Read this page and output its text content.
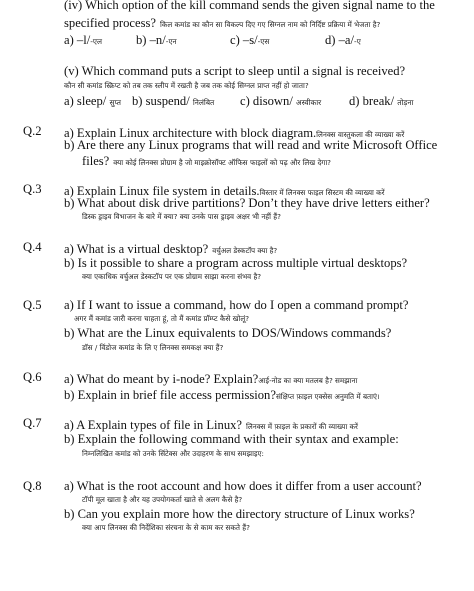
(iv) Which option of the kill command sends the given signal name to the
specified process? किल कमांड का कौन सा विकल्प दिए गए सिग्नल नाम को निर्दिष्ट प्रक्रिया में भेजता है?
a) –l/-एल	b) –n/-एन	c) –s/-एस	d) –a/-ए
(v) Which command puts a script to sleep until a signal is received?
कौन सी कमांड स्क्रिप्ट को तब तक स्लीप में रखती है जब तक कोई सिग्नल प्राप्त नहीं हो जाता?
a) sleep/ सुप्त b) suspend/ निलंबित c) disown/ अस्वीकार d) break/ तोड़ना
Q.2 a) Explain Linux architecture with block diagram.लिनक्स वास्तुकला की व्याख्या करें
b) Are there any Linux programs that will read and write Microsoft Office
files? क्या कोई लिनक्स प्रोग्राम है जो माइक्रोसॉफ्ट ऑफिस फाइलों को पढ़ और लिख देगा?
Q.3 a) Explain Linux file system in details.विस्तार में लिनक्स फाइल सिस्टम की व्याख्या करें
b) What about disk drive partitions? Don’t they have drive letters either?
डिस्क ड्राइव विभाजन के बारे में क्या? क्या उनके पास ड्राइव अक्षर भी नहीं हैं?
Q.4 a) What is a virtual desktop? वर्चुअल डेस्कटॉप क्या है?
b) Is it possible to share a program across multiple virtual desktops?
क्या एकाधिक वर्चुअल डेस्कटॉप पर एक प्रोग्राम साझा करना संभव है?
Q.5 a) If I want to issue a command, how do I open a command prompt?
अगर मैं कमांड जारी करना चाहता हूं, तो मैं कमांड प्रॉम्प्ट कैसे खोलूं?
b) What are the Linux equivalents to DOS/Windows commands?
डॉस / विंडोज कमांड के लि ए लिनक्स समकक्ष क्या हैं?
Q.6 a) What do meant by i-node? Explain?आई-नोड का क्या मतलब है? समझाना
b) Explain in brief file access permission?संक्षिप्त फ़ाइल एक्सेस अनुमति में बताएं।
Q.7 a) A Explain types of file in Linux? लिनक्स में फ़ाइल के प्रकारों की व्याख्या करें
b) Explain the following command with their syntax and example:
निम्नलिखित कमांड को उनके सिंटेक्स और उदाहरण के साथ समझाइए:
Q.8 a) What is the root account and how does it differ from a user account?
टॉपी मूल खाता है और यह उपयोगकर्ता खाते से अलग कैसे है?
b) Can you explain more how the directory structure of Linux works?
क्या आप लिनक्स की निर्देशिका संरचना के से काम कर सकते हैं?
